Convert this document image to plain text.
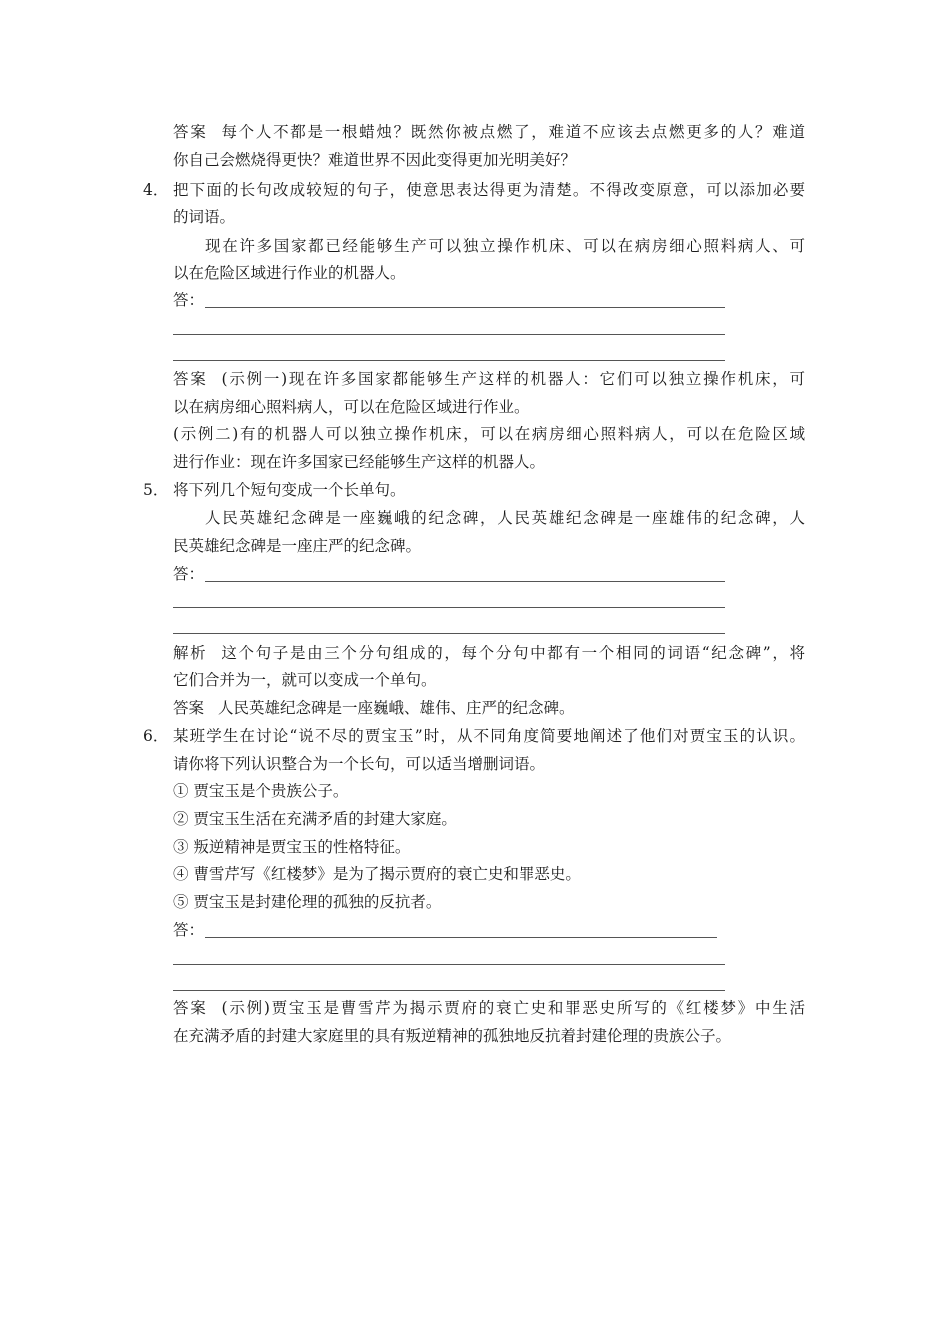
答案 每个人不都是一根蜡烛？既然你被点燃了，难道不应该去点燃更多的人？难道
你自己会燃烧得更快？难道世界不因此变得更加光明美好？
4． 把下面的长句改成较短的句子，使意思表达得更为清楚。不得改变原意，可以添加必要
的词语。
现在许多国家都已经能够生产可以独立操作机床、可以在病房细心照料病人、可
以在危险区域进行作业的机器人。
答：
答案 (示例一)现在许多国家都能够生产这样的机器人：它们可以独立操作机床，可
以在病房细心照料病人，可以在危险区域进行作业。
(示例二)有的机器人可以独立操作机床，可以在病房细心照料病人，可以在危险区域
进行作业：现在许多国家已经能够生产这样的机器人。
5． 将下列几个短句变成一个长单句。
人民英雄纪念碑是一座巍峨的纪念碑，人民英雄纪念碑是一座雄伟的纪念碑，人
民英雄纪念碑是一座庄严的纪念碑。
答：
解析 这个句子是由三个分句组成的，每个分句中都有一个相同的词语“纪念碑”，将
它们合并为一，就可以变成一个单句。
答案 人民英雄纪念碑是一座巍峨、雄伟、庄严的纪念碑。
6． 某班学生在讨论“说不尽的贾宝玉”时，从不同角度简要地阐述了他们对贾宝玉的认识。
请你将下列认识整合为一个长句，可以适当增删词语。
① 贾宝玉是个贵族公子。
② 贾宝玉生活在充满矛盾的封建大家庭。
③ 叛逆精神是贾宝玉的性格特征。
④ 曹雪芹写《红楼梦》是为了揭示贾府的衰亡史和罪恶史。
⑤ 贾宝玉是封建伦理的孤独的反抗者。
答：
答案 (示例)贾宝玉是曹雪芹为揭示贾府的衰亡史和罪恶史所写的《红楼梦》中生活
在充满矛盾的封建大家庭里的具有叛逆精神的孤独地反抗着封建伦理的贵族公子。
